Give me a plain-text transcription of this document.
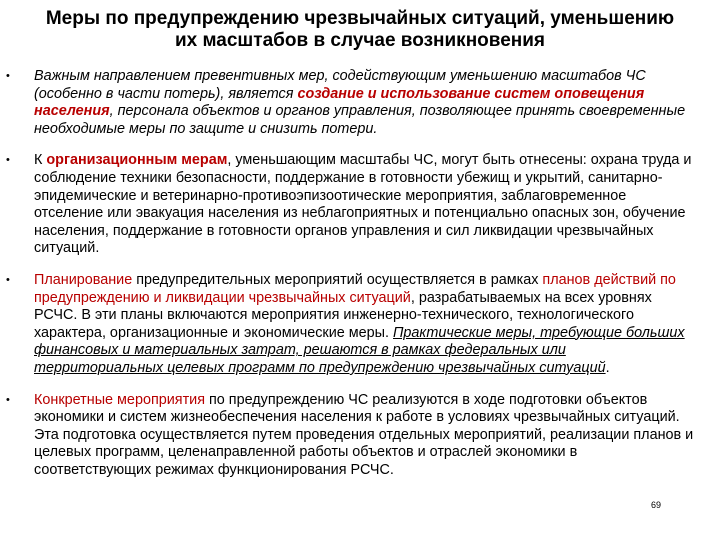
Меры по предупреждению чрезвычайных ситуаций, уменьшению
их масштабов в случае возникновения
• Важным направлением превентивных мер, содействующим уменьшению масштабов ЧС (особенно в части потерь), является создание и использование систем оповещения населения, персонала объектов и органов управления, позволяющее принять своевременные необходимые меры по защите и снизить потери.
• К организационным мерам, уменьшающим масштабы ЧС, могут быть отнесены: охрана труда и соблюдение техники безопасности, поддержание в готовности убежищ и укрытий, санитарно-эпидемические и ветеринарно-противоэпизоотические мероприятия, заблаговременное отселение или эвакуация населения из неблагоприятных и потенциально опасных зон, обучение населения, поддержание в готовности органов управления и сил ликвидации чрезвычайных ситуаций.
• Планирование предупредительных мероприятий осуществляется в рамках планов действий по предупреждению и ликвидации чрезвычайных ситуаций, разрабатываемых на всех уровнях РСЧС. В эти планы включаются мероприятия инженерно-технического, технологического характера, организационные и экономические меры. Практические меры, требующие больших финансовых и материальных затрат, решаются в рамках федеральных или территориальных целевых программ по предупреждению чрезвычайных ситуаций.
• Конкретные мероприятия по предупреждению ЧС реализуются в ходе подготовки объектов экономики и систем жизнеобеспечения населения к работе в условиях чрезвычайных ситуаций. Эта подготовка осуществляется путем проведения отдельных мероприятий, реализации планов и целевых программ, целенаправленной работы объектов и отраслей экономики в соответствующих режимах функционирования РСЧС.
69
